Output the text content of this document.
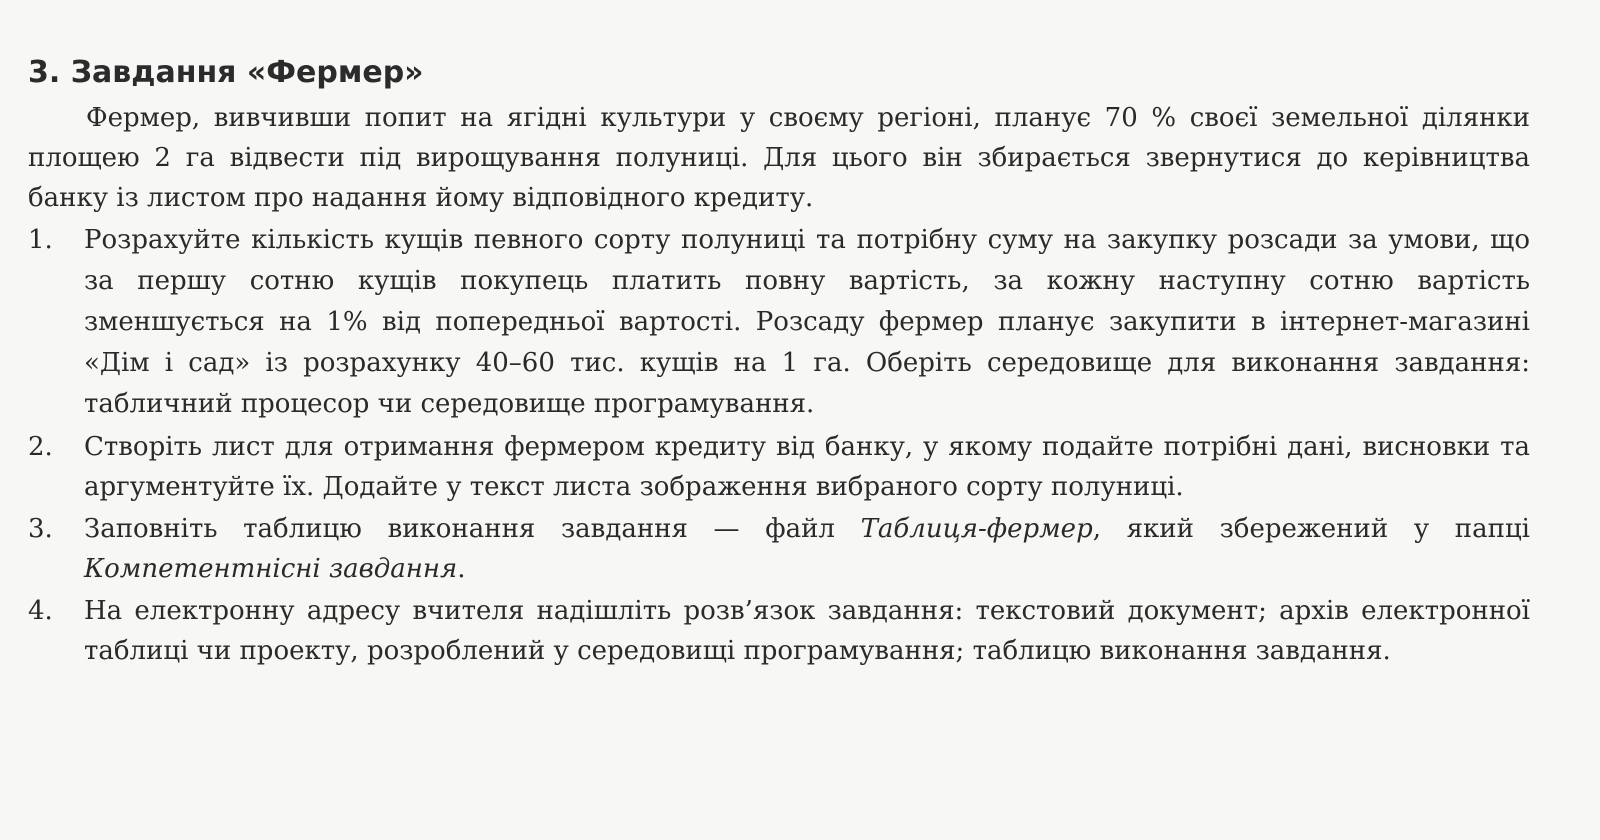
3. Завдання «Фермер»

Фермер, вивчивши попит на ягідні культури у своєму регіоні, планує 70 % своєї земельної ділянки площею 2 га відвести під вирощування полуниці. Для цього він збирається звернутися до керівництва банку із листом про надання йому відповідного кредиту.

1.	Розрахуйте кількість кущів певного сорту полуниці та потрібну суму на закупку розсади за умови, що за першу сотню кущів покупець платить повну вартість, за кожну наступну сотню вартість зменшується на 1% від попередньої вартості. Розсаду фермер планує закупити в інтернет-магазині «Дім і сад» із розрахунку 40–60 тис. кущів на 1 га. Оберіть середовище для виконання завдання: табличний процесор чи середовище програмування.
2.	Створіть лист для отримання фермером кредиту від банку, у якому подайте потрібні дані, висновки та аргументуйте їх. Додайте у текст листа зображення вибраного сорту полуниці.
3.	Заповніть таблицю виконання завдання — файл Таблиця-фермер, який збережений у папці Компетентнісні завдання.
4.	На електронну адресу вчителя надішліть розв’язок завдання: текстовий документ; архів електронної таблиці чи проекту, розроблений у середовищі програмування; таблицю виконання завдання.
